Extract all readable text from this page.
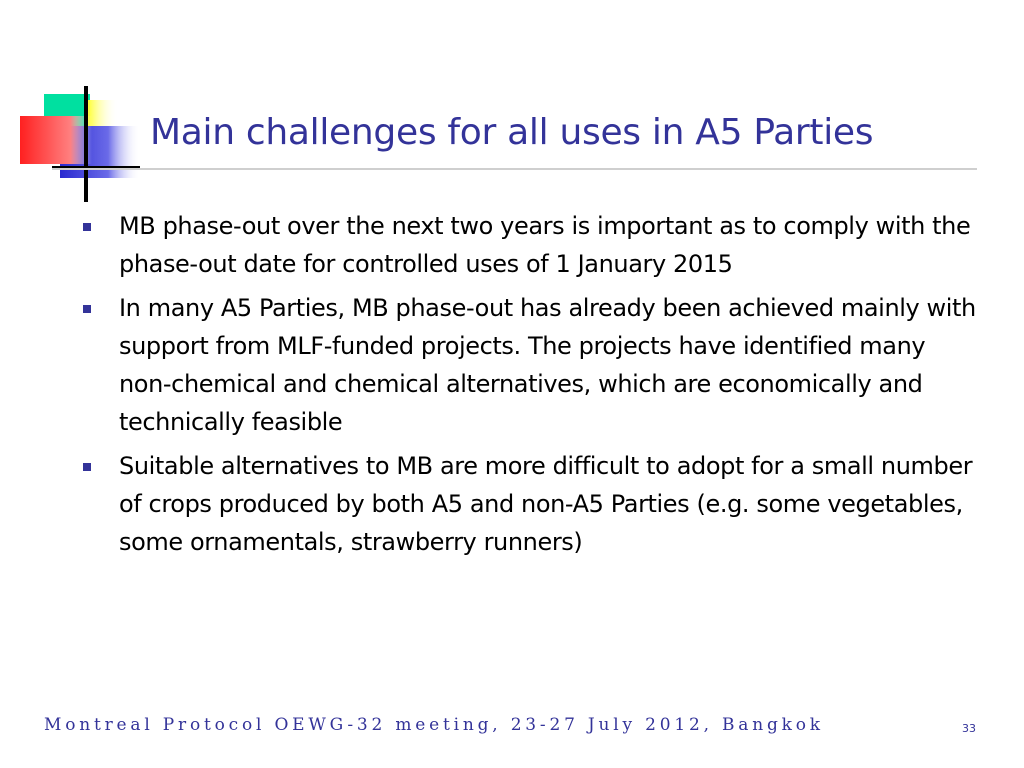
Main challenges for all uses in A5 Parties
MB phase-out over the next two years is important as to comply with the phase-out date for controlled uses of 1 January 2015
In many A5 Parties, MB phase-out has already been achieved mainly with support from MLF-funded projects. The projects have identified many non-chemical and chemical alternatives, which are economically and technically feasible
Suitable alternatives to MB are more difficult to adopt for a small number of crops produced by both A5 and non-A5 Parties (e.g. some vegetables, some ornamentals, strawberry runners)
Montreal Protocol OEWG-32 meeting, 23-27 July 2012, Bangkok	33
